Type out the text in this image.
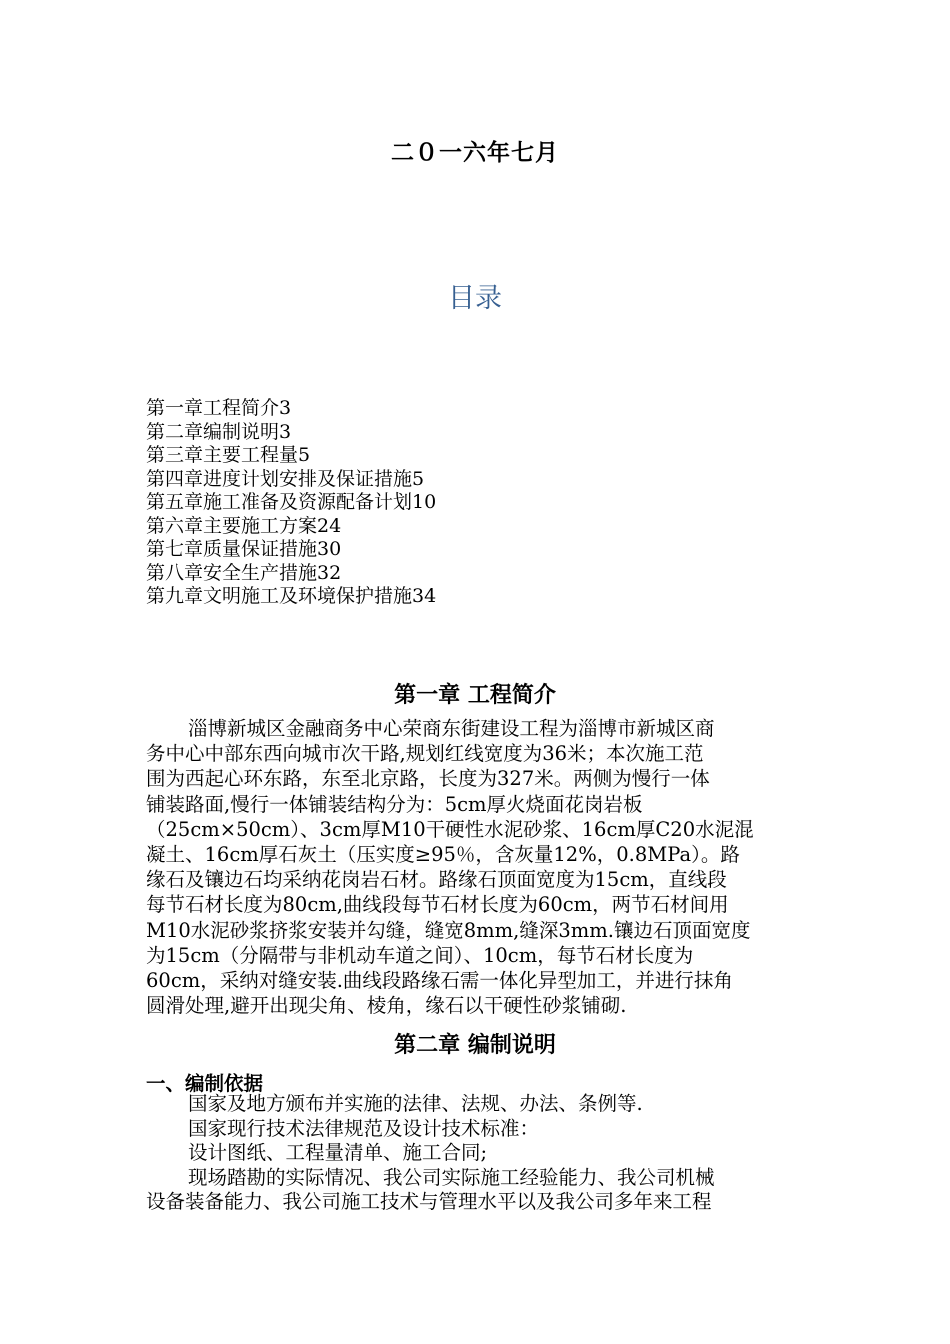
二０一六年七月
目录
第一章工程简介3
第二章编制说明3
第三章主要工程量5
第四章进度计划安排及保证措施5
第五章施工准备及资源配备计划10
第六章主要施工方案24
第七章质量保证措施30
第八章安全生产措施32
第九章文明施工及环境保护措施34
第一章 工程简介
淄博新城区金融商务中心荣商东街建设工程为淄博市新城区商
务中心中部东西向城市次干路,规划红线宽度为36米；本次施工范
围为西起心环东路，东至北京路，长度为327米。两侧为慢行一体
铺装路面,慢行一体铺装结构分为：5cm厚火烧面花岗岩板
（25cm×50cm）、3cm厚M10干硬性水泥砂浆、16cm厚C20水泥混
凝土、16cm厚石灰土（压实度≥95％，含灰量12%，0.8MPa）。路
缘石及镶边石均采纳花岗岩石材。路缘石顶面宽度为15cm，直线段
每节石材长度为80cm,曲线段每节石材长度为60cm，两节石材间用
M10水泥砂浆挤浆安装并勾缝，缝宽8mm,缝深3mm.镶边石顶面宽度
为15cm（分隔带与非机动车道之间）、10cm，每节石材长度为
60cm，采纳对缝安装.曲线段路缘石需一体化异型加工，并进行抹角
圆滑处理,避开出现尖角、棱角，缘石以干硬性砂浆铺砌.
第二章 编制说明
一、编制依据
国家及地方颁布并实施的法律、法规、办法、条例等.
国家现行技术法律规范及设计技术标准：
设计图纸、工程量清单、施工合同;
现场踏勘的实际情况、我公司实际施工经验能力、我公司机械
设备装备能力、我公司施工技术与管理水平以及我公司多年来工程
